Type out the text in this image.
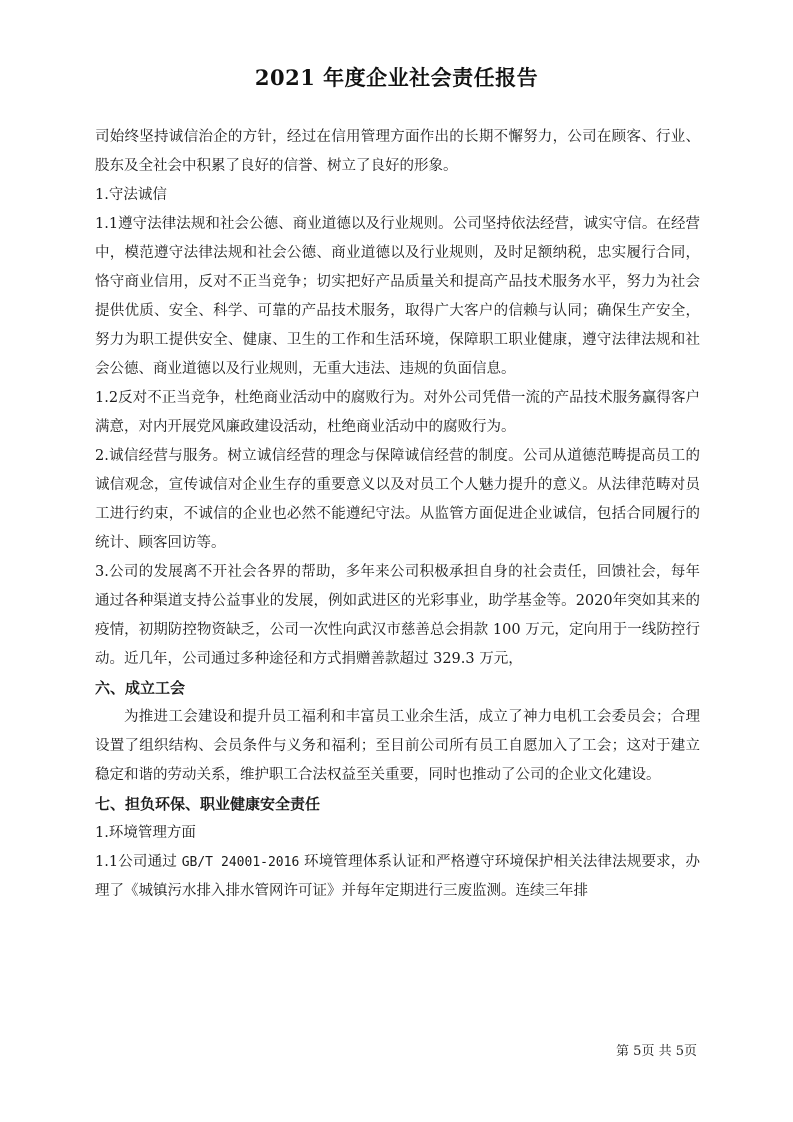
2021 年度企业社会责任报告

司始终坚持诚信治企的方针，经过在信用管理方面作出的长期不懈努力，公司在顾客、行业、股东及全社会中积累了良好的信誉、树立了良好的形象。

1.守法诚信

1.1遵守法律法规和社会公德、商业道德以及行业规则。公司坚持依法经营，诚实守信。在经营中，模范遵守法律法规和社会公德、商业道德以及行业规则，及时足额纳税，忠实履行合同，恪守商业信用，反对不正当竞争；切实把好产品质量关和提高产品技术服务水平，努力为社会提供优质、安全、科学、可靠的产品技术服务，取得广大客户的信赖与认同；确保生产安全，努力为职工提供安全、健康、卫生的工作和生活环境，保障职工职业健康，遵守法律法规和社会公德、商业道德以及行业规则，无重大违法、违规的负面信息。

1.2反对不正当竞争，杜绝商业活动中的腐败行为。对外公司凭借一流的产品技术服务赢得客户满意，对内开展党风廉政建设活动，杜绝商业活动中的腐败行为。

2.诚信经营与服务。树立诚信经营的理念与保障诚信经营的制度。公司从道德范畴提高员工的诚信观念，宣传诚信对企业生存的重要意义以及对员工个人魅力提升的意义。从法律范畴对员工进行约束，不诚信的企业也必然不能遵纪守法。从监管方面促进企业诚信，包括合同履行的统计、顾客回访等。

3.公司的发展离不开社会各界的帮助，多年来公司积极承担自身的社会责任，回馈社会，每年通过各种渠道支持公益事业的发展，例如武进区的光彩事业，助学基金等。2020年突如其来的疫情，初期防控物资缺乏，公司一次性向武汉市慈善总会捐款 100 万元，定向用于一线防控行动。近几年，公司通过多种途径和方式捐赠善款超过 329.3 万元，

六、成立工会

为推进工会建设和提升员工福利和丰富员工业余生活，成立了神力电机工会委员会；合理设置了组织结构、会员条件与义务和福利；至目前公司所有员工自愿加入了工会；这对于建立稳定和谐的劳动关系，维护职工合法权益至关重要，同时也推动了公司的企业文化建设。

七、担负环保、职业健康安全责任

1.环境管理方面

1.1公司通过 GB/T 24001-2016 环境管理体系认证和严格遵守环境保护相关法律法规要求，办理了《城镇污水排入排水管网许可证》并每年定期进行三废监测。连续三年排

第 5页 共 5页
